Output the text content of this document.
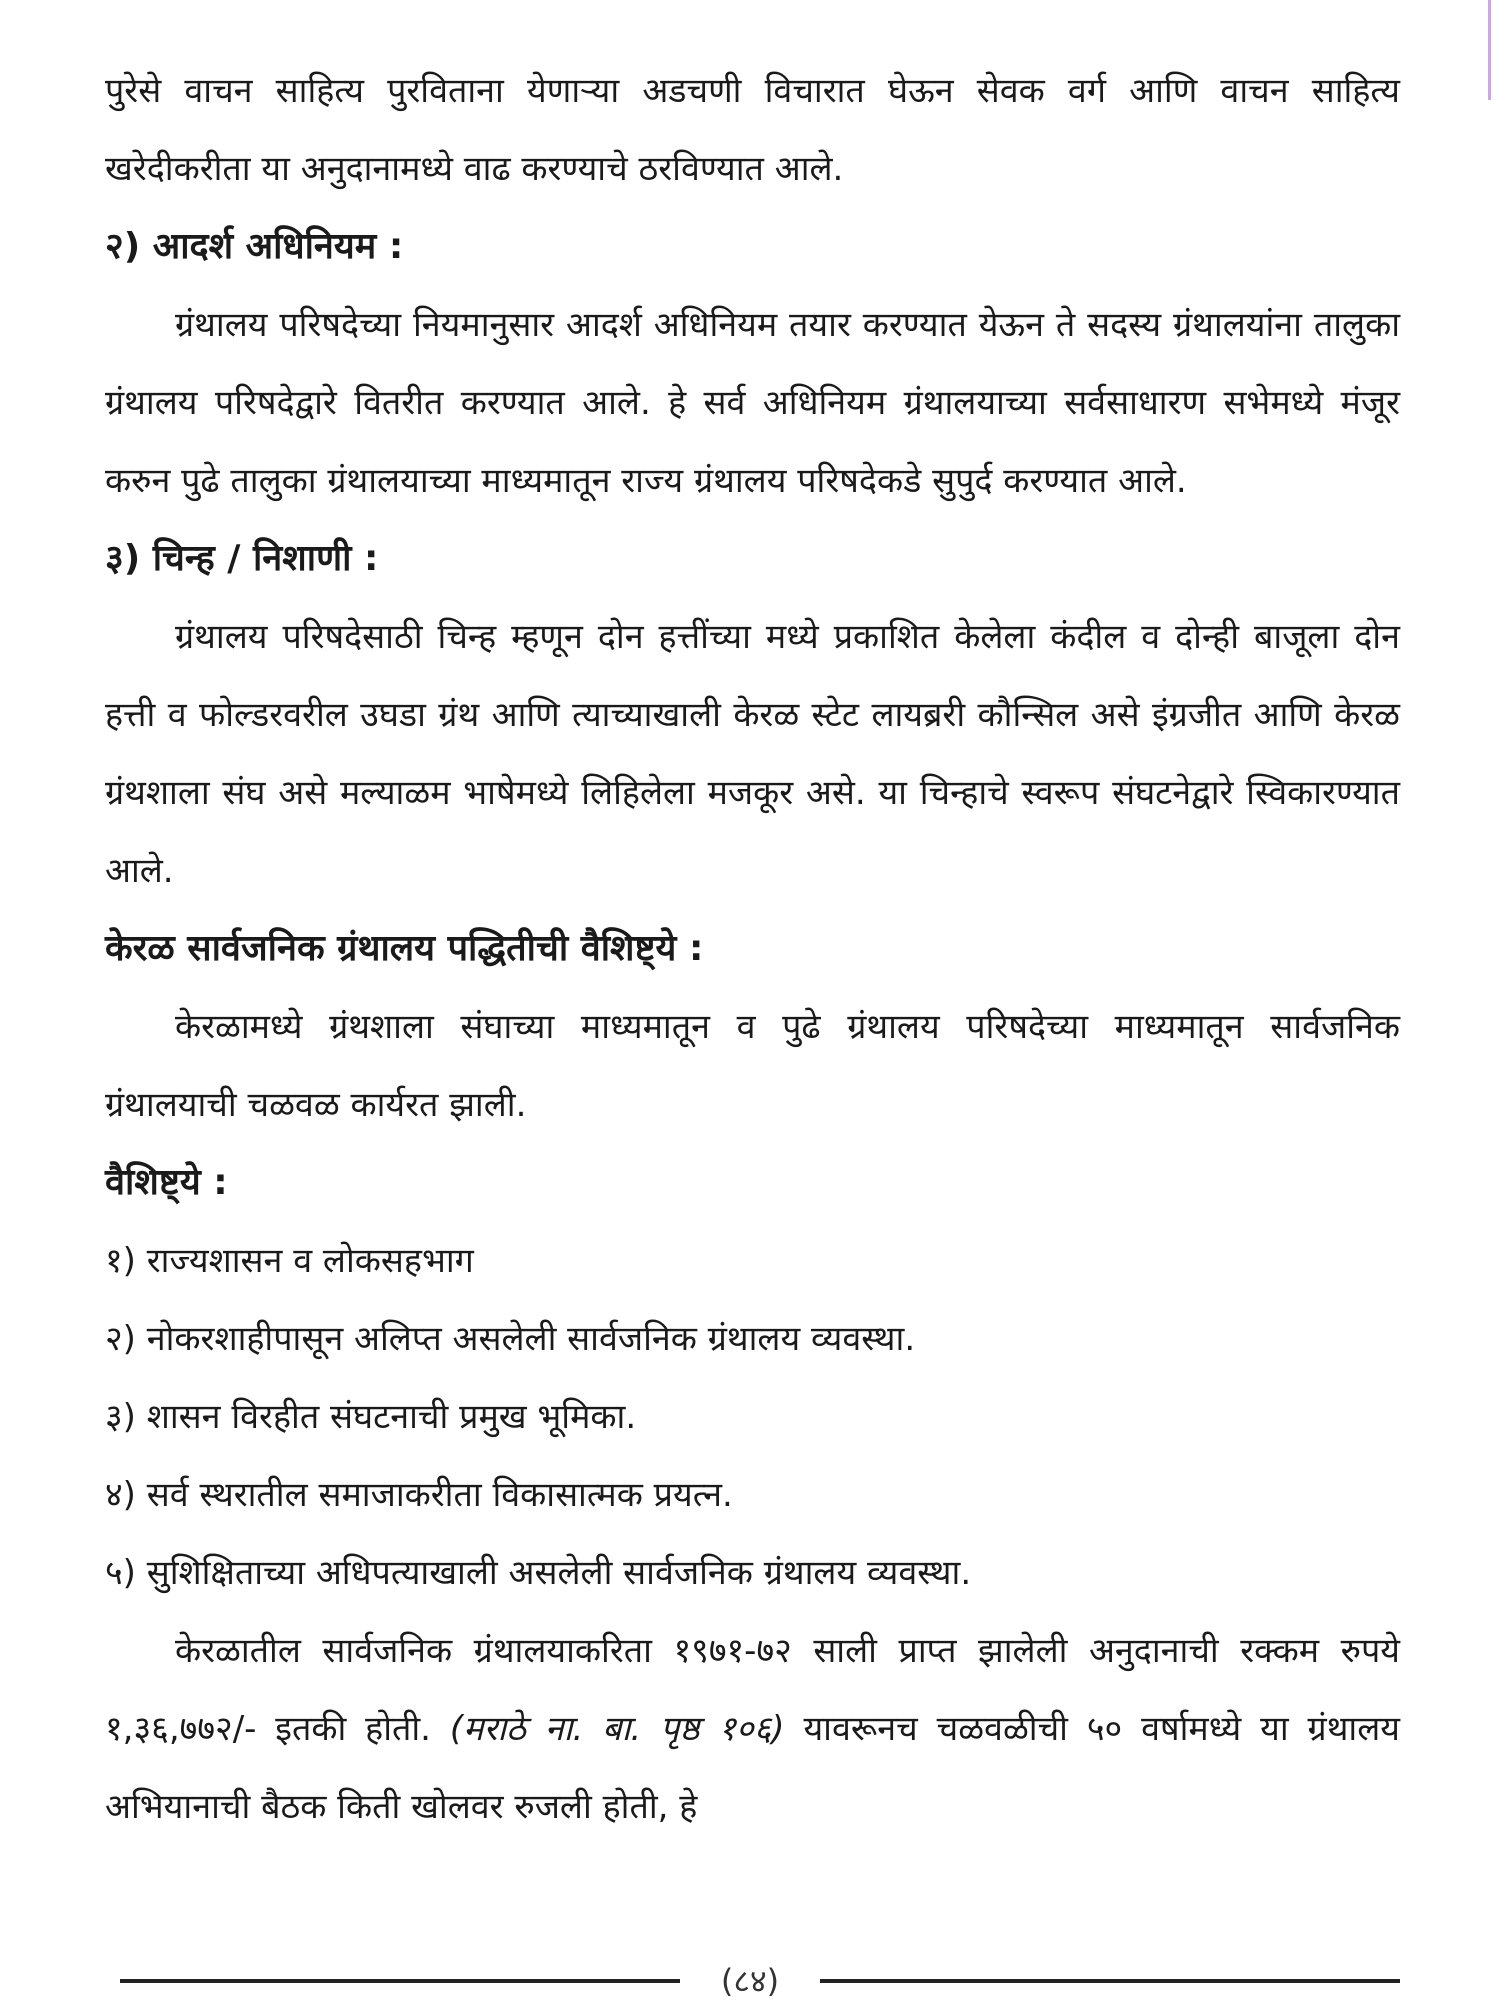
पुरेसे वाचन साहित्य पुरविताना येणाऱ्या अडचणी विचारात घेऊन सेवक वर्ग आणि वाचन साहित्य खरेदीकरीता या अनुदानामध्ये वाढ करण्याचे ठरविण्यात आले.

२) आदर्श अधिनियम :

ग्रंथालय परिषदेच्या नियमानुसार आदर्श अधिनियम तयार करण्यात येऊन ते सदस्य ग्रंथालयांना तालुका ग्रंथालय परिषदेद्वारे वितरीत करण्यात आले. हे सर्व अधिनियम ग्रंथालयाच्या सर्वसाधारण सभेमध्ये मंजूर करुन पुढे तालुका ग्रंथालयाच्या माध्यमातून राज्य ग्रंथालय परिषदेकडे सुपुर्द करण्यात आले.

३) चिन्ह / निशाणी :

ग्रंथालय परिषदेसाठी चिन्ह म्हणून दोन हत्तींच्या मध्ये प्रकाशित केलेला कंदील व दोन्ही बाजूला दोन हत्ती व फोल्डरवरील उघडा ग्रंथ आणि त्याच्याखाली केरळ स्टेट लायब्ररी कौन्सिल असे इंग्रजीत आणि केरळ ग्रंथशाला संघ असे मल्याळम भाषेमध्ये लिहिलेला मजकूर असे. या चिन्हाचे स्वरूप संघटनेद्वारे स्विकारण्यात आले.

केरळ सार्वजनिक ग्रंथालय पद्धितीची वैशिष्ट्ये :

केरळामध्ये ग्रंथशाला संघाच्या माध्यमातून व पुढे ग्रंथालय परिषदेच्या माध्यमातून सार्वजनिक ग्रंथालयाची चळवळ कार्यरत झाली.

वैशिष्ट्ये :
१) राज्यशासन व लोकसहभाग
२) नोकरशाहीपासून अलिप्त असलेली सार्वजनिक ग्रंथालय व्यवस्था.
३) शासन विरहीत संघटनाची प्रमुख भूमिका.
४) सर्व स्थरातील समाजाकरीता विकासात्मक प्रयत्न.
५) सुशिक्षिताच्या अधिपत्याखाली असलेली सार्वजनिक ग्रंथालय व्यवस्था.

केरळातील सार्वजनिक ग्रंथालयाकरिता १९७१-७२ साली प्राप्त झालेली अनुदानाची रक्कम रुपये १,३६,७७२/- इतकी होती. (मराठे ना. बा. पृष्ठ १०६) यावरूनच चळवळीची ५० वर्षामध्ये या ग्रंथालय अभियानाची बैठक किती खोलवर रुजली होती, हे

(८४)
